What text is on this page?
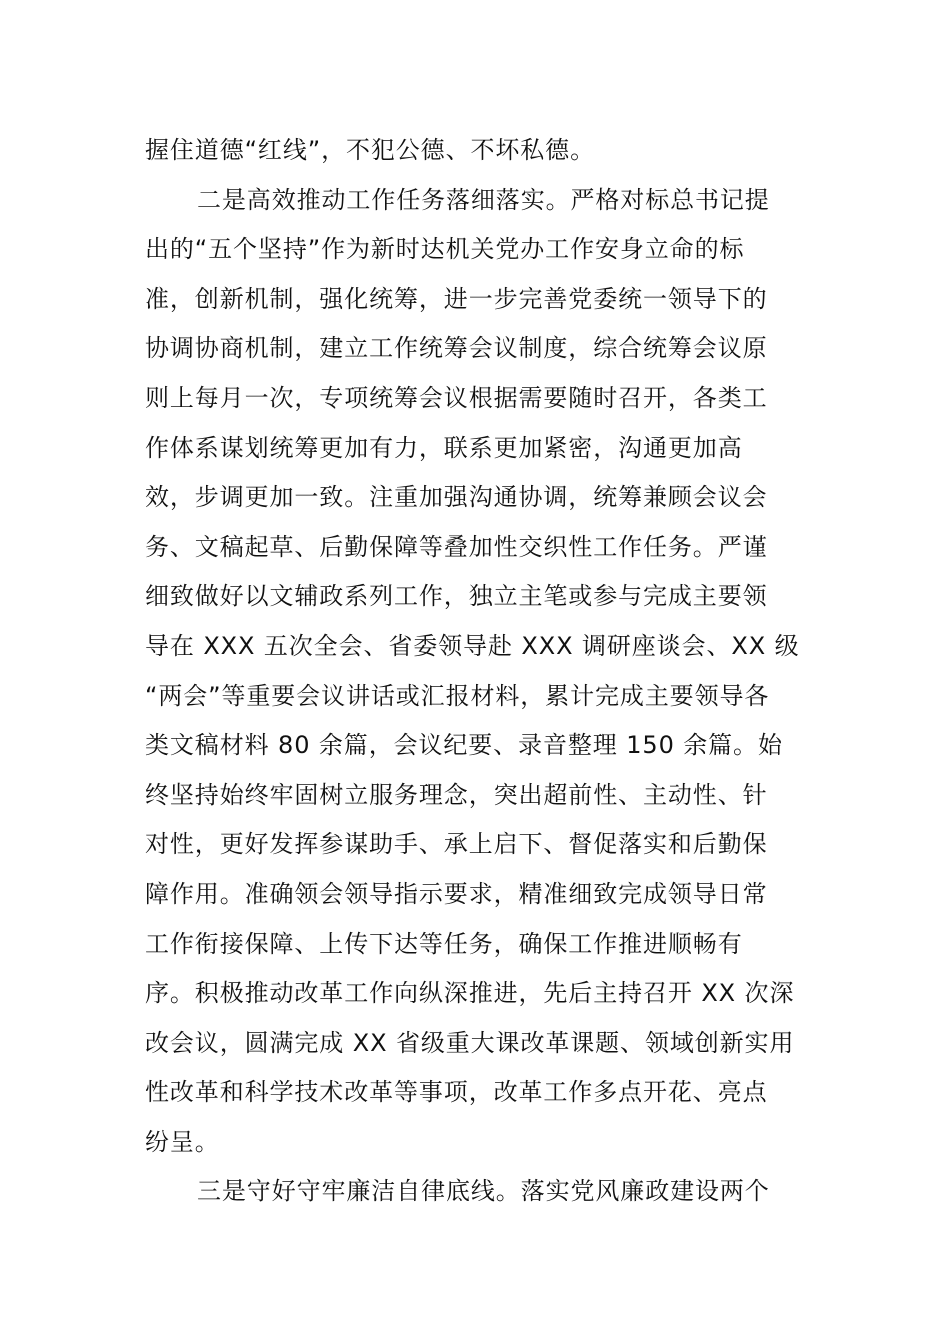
握住道德“红线”，不犯公德、不坏私德。
二是高效推动工作任务落细落实。严格对标总书记提
出的“五个坚持”作为新时达机关党办工作安身立命的标
准，创新机制，强化统筹，进一步完善党委统一领导下的
协调协商机制，建立工作统筹会议制度，综合统筹会议原
则上每月一次，专项统筹会议根据需要随时召开，各类工
作体系谋划统筹更加有力，联系更加紧密，沟通更加高
效，步调更加一致。注重加强沟通协调，统筹兼顾会议会
务、文稿起草、后勤保障等叠加性交织性工作任务。严谨
细致做好以文辅政系列工作，独立主笔或参与完成主要领
导在 XXX 五次全会、省委领导赴 XXX 调研座谈会、XX 级
“两会”等重要会议讲话或汇报材料，累计完成主要领导各
类文稿材料 80 余篇，会议纪要、录音整理 150 余篇。始
终坚持始终牢固树立服务理念，突出超前性、主动性、针
对性，更好发挥参谋助手、承上启下、督促落实和后勤保
障作用。准确领会领导指示要求，精准细致完成领导日常
工作衔接保障、上传下达等任务，确保工作推进顺畅有
序。积极推动改革工作向纵深推进，先后主持召开 XX 次深
改会议，圆满完成 XX 省级重大课改革课题、领域创新实用
性改革和科学技术改革等事项，改革工作多点开花、亮点
纷呈。
三是守好守牢廉洁自律底线。落实党风廉政建设两个
